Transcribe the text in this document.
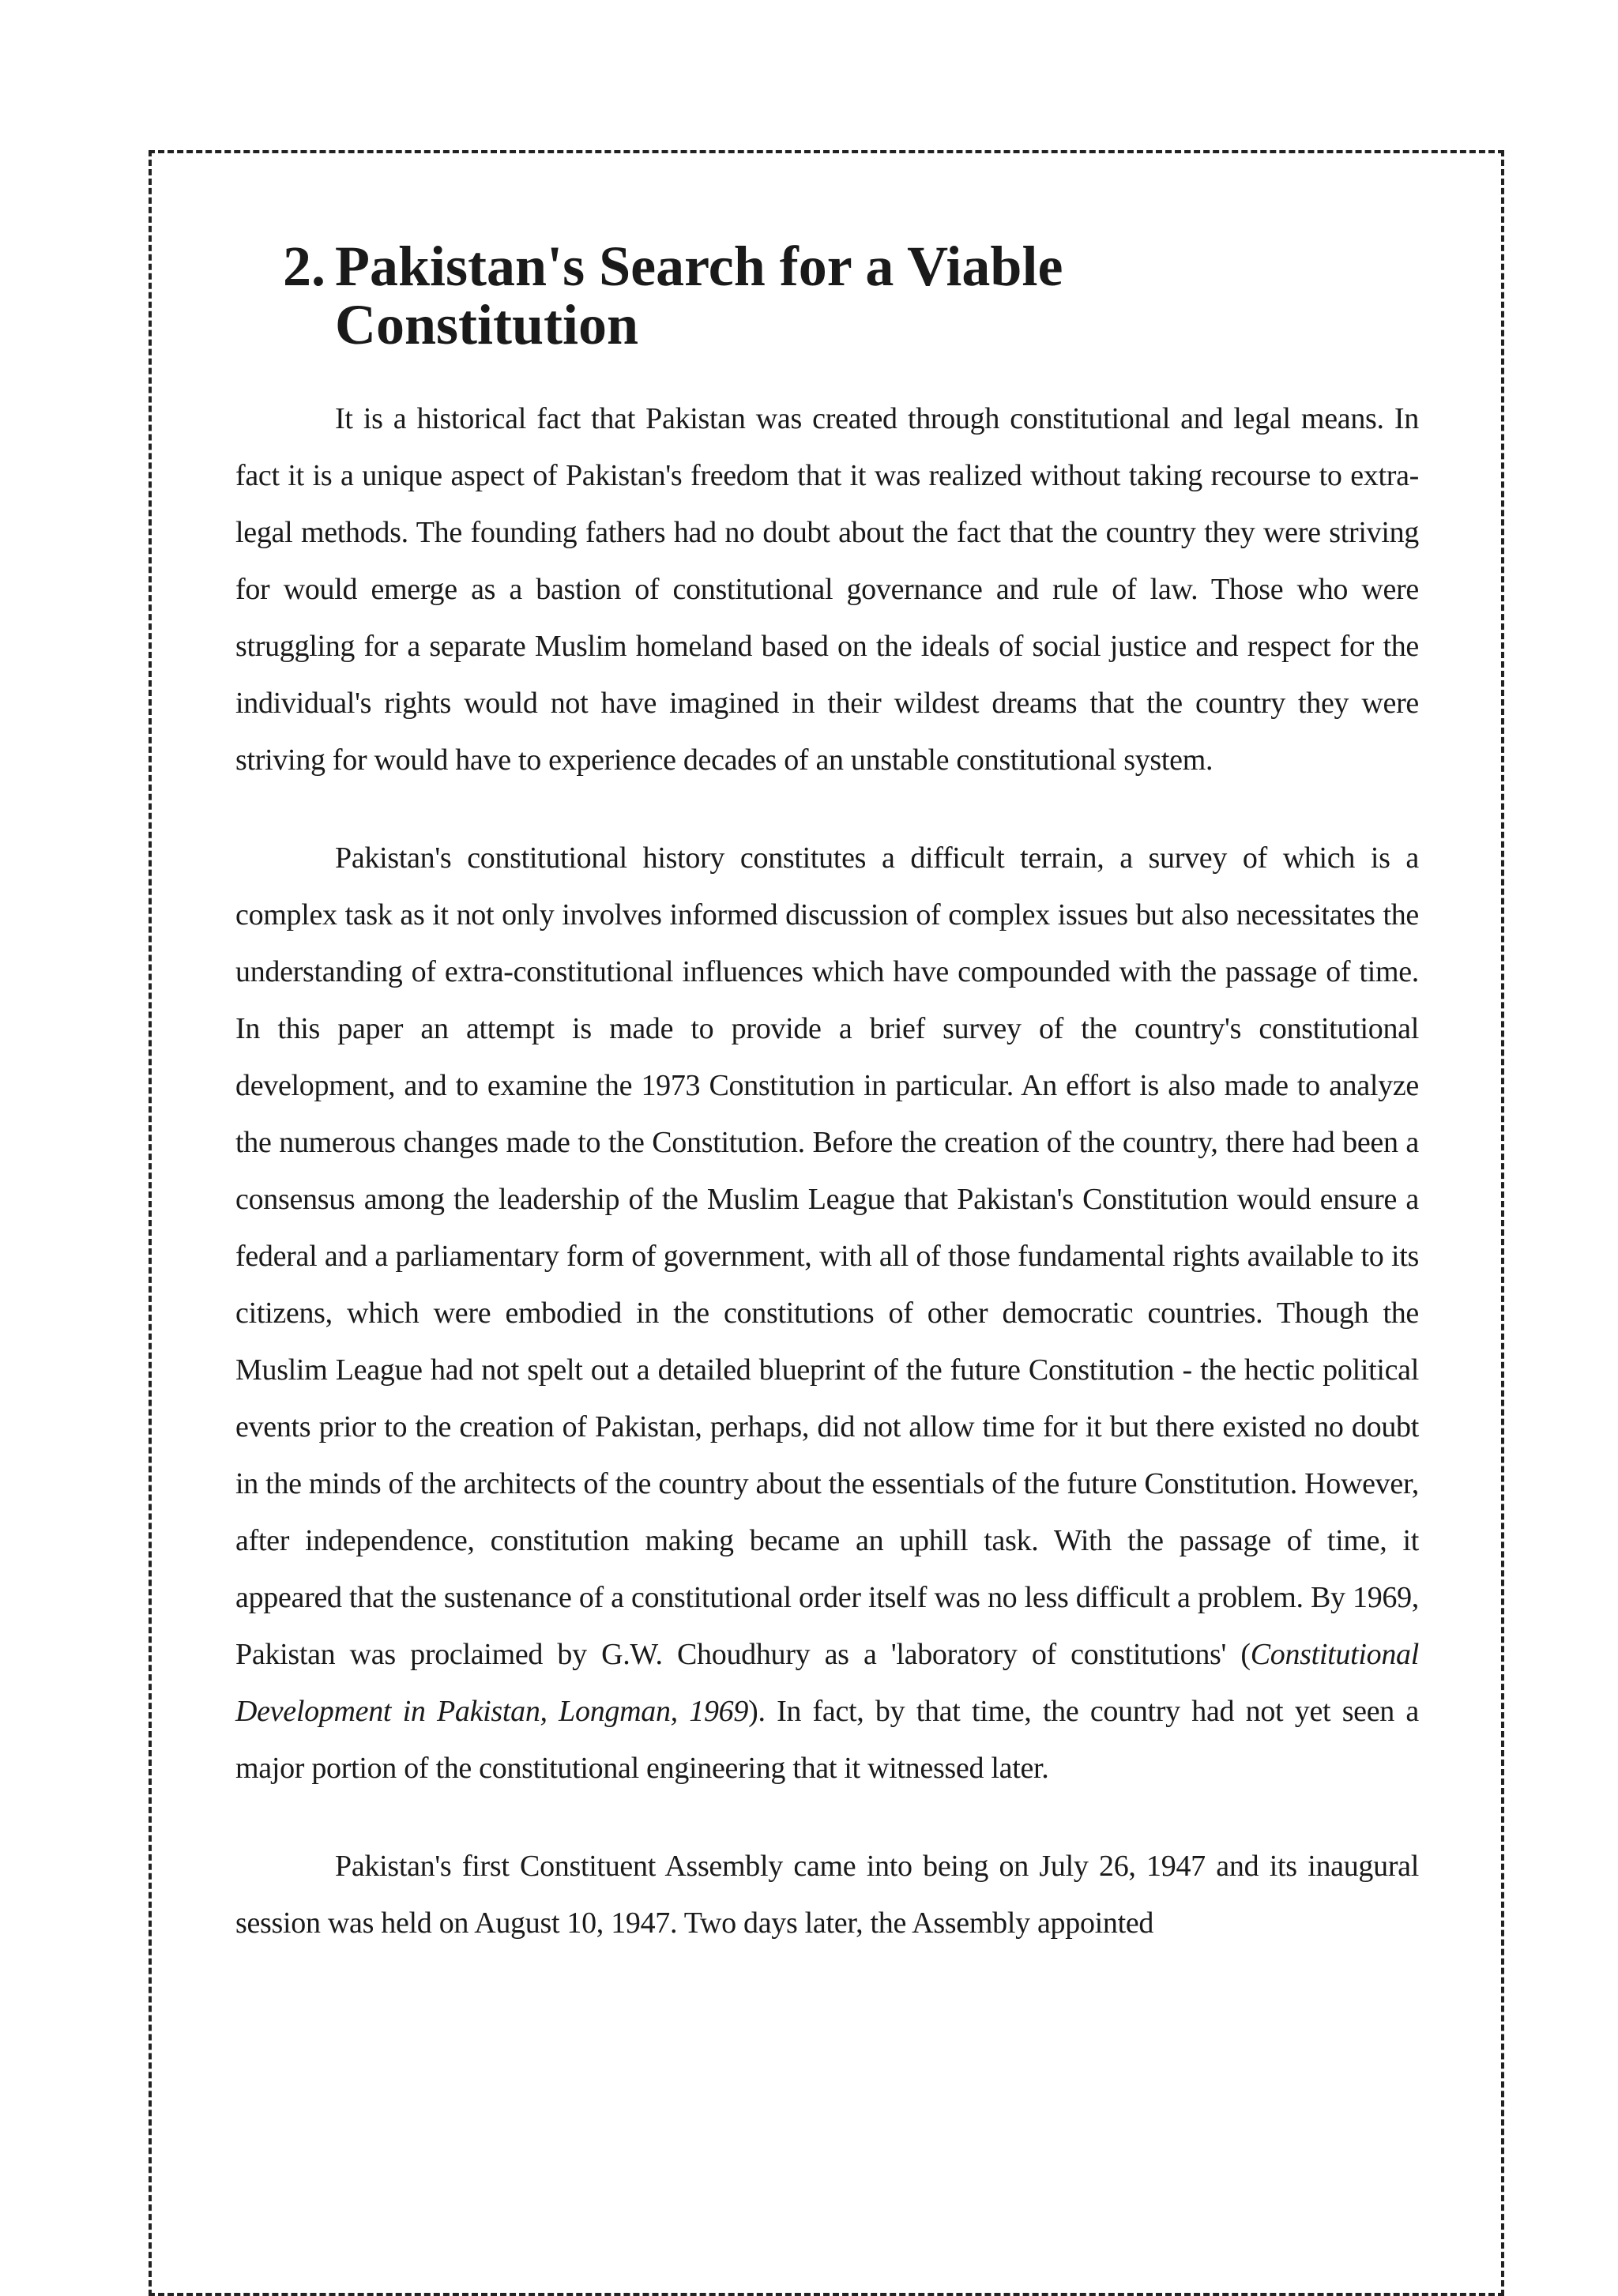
2. Pakistan's Search for a Viable Constitution

It is a historical fact that Pakistan was created through constitutional and legal means. In fact it is a unique aspect of Pakistan's freedom that it was realized without taking recourse to extra-legal methods. The founding fathers had no doubt about the fact that the country they were striving for would emerge as a bastion of constitutional governance and rule of law. Those who were struggling for a separate Muslim homeland based on the ideals of social justice and respect for the individual's rights would not have imagined in their wildest dreams that the country they were striving for would have to experience decades of an unstable constitutional system.

Pakistan's constitutional history constitutes a difficult terrain, a survey of which is a complex task as it not only involves informed discussion of complex issues but also necessitates the understanding of extra-constitutional influences which have compounded with the passage of time. In this paper an attempt is made to provide a brief survey of the country's constitutional development, and to examine the 1973 Constitution in particular. An effort is also made to analyze the numerous changes made to the Constitution. Before the creation of the country, there had been a consensus among the leadership of the Muslim League that Pakistan's Constitution would ensure a federal and a parliamentary form of government, with all of those fundamental rights available to its citizens, which were embodied in the constitutions of other democratic countries. Though the Muslim League had not spelt out a detailed blueprint of the future Constitution - the hectic political events prior to the creation of Pakistan, perhaps, did not allow time for it but there existed no doubt in the minds of the architects of the country about the essentials of the future Constitution. However, after independence, constitution making became an uphill task. With the passage of time, it appeared that the sustenance of a constitutional order itself was no less difficult a problem. By 1969, Pakistan was proclaimed by G.W. Choudhury as a 'laboratory of constitutions' (Constitutional Development in Pakistan, Longman, 1969). In fact, by that time, the country had not yet seen a major portion of the constitutional engineering that it witnessed later.

Pakistan's first Constituent Assembly came into being on July 26, 1947 and its inaugural session was held on August 10, 1947. Two days later, the Assembly appointed
